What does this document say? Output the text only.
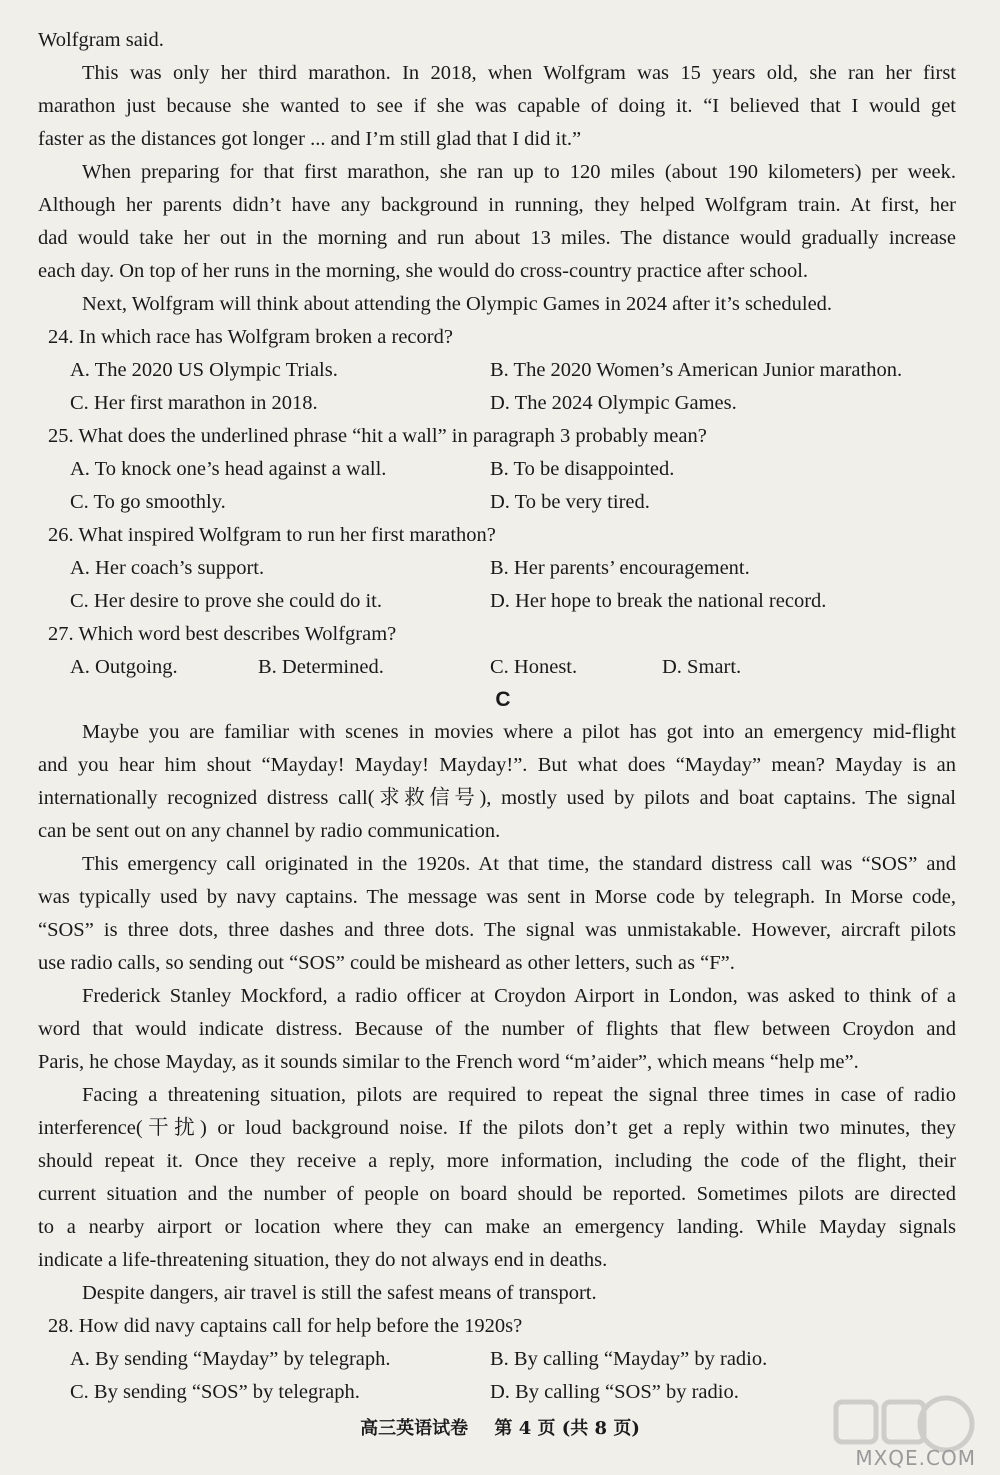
Wolfgram said.
This was only her third marathon. In 2018, when Wolfgram was 15 years old, she ran her first
marathon just because she wanted to see if she was capable of doing it. “I believed that I would get
faster as the distances got longer ... and I’m still glad that I did it.”
When preparing for that first marathon, she ran up to 120 miles (about 190 kilometers) per week.
Although her parents didn’t have any background in running, they helped Wolfgram train. At first, her
dad would take her out in the morning and run about 13 miles. The distance would gradually increase
each day. On top of her runs in the morning, she would do cross-country practice after school.
Next, Wolfgram will think about attending the Olympic Games in 2024 after it’s scheduled.
24. In which race has Wolfgram broken a record?
A. The 2020 US Olympic Trials.	B. The 2020 Women’s American Junior marathon.
C. Her first marathon in 2018.	D. The 2024 Olympic Games.
25. What does the underlined phrase “hit a wall” in paragraph 3 probably mean?
A. To knock one’s head against a wall.	B. To be disappointed.
C. To go smoothly.	D. To be very tired.
26. What inspired Wolfgram to run her first marathon?
A. Her coach’s support.	B. Her parents’ encouragement.
C. Her desire to prove she could do it.	D. Her hope to break the national record.
27. Which word best describes Wolfgram?
A. Outgoing.	B. Determined.	C. Honest.	D. Smart.
C
Maybe you are familiar with scenes in movies where a pilot has got into an emergency mid-flight
and you hear him shout “Mayday! Mayday! Mayday!”. But what does “Mayday” mean? Mayday is an
internationally recognized distress call(求救信号), mostly used by pilots and boat captains. The signal
can be sent out on any channel by radio communication.
This emergency call originated in the 1920s. At that time, the standard distress call was “SOS” and
was typically used by navy captains. The message was sent in Morse code by telegraph. In Morse code,
“SOS” is three dots, three dashes and three dots. The signal was unmistakable. However, aircraft pilots
use radio calls, so sending out “SOS” could be misheard as other letters, such as “F”.
Frederick Stanley Mockford, a radio officer at Croydon Airport in London, was asked to think of a
word that would indicate distress. Because of the number of flights that flew between Croydon and
Paris, he chose Mayday, as it sounds similar to the French word “m’aider”, which means “help me”.
Facing a threatening situation, pilots are required to repeat the signal three times in case of radio
interference(干扰) or loud background noise. If the pilots don’t get a reply within two minutes, they
should repeat it. Once they receive a reply, more information, including the code of the flight, their
current situation and the number of people on board should be reported. Sometimes pilots are directed
to a nearby airport or location where they can make an emergency landing. While Mayday signals
indicate a life-threatening situation, they do not always end in deaths.
Despite dangers, air travel is still the safest means of transport.
28. How did navy captains call for help before the 1920s?
A. By sending “Mayday” by telegraph.	B. By calling “Mayday” by radio.
C. By sending “SOS” by telegraph.	D. By calling “SOS” by radio.
高三英语试卷 第 4 页 (共 8 页)
MXQE.COM
